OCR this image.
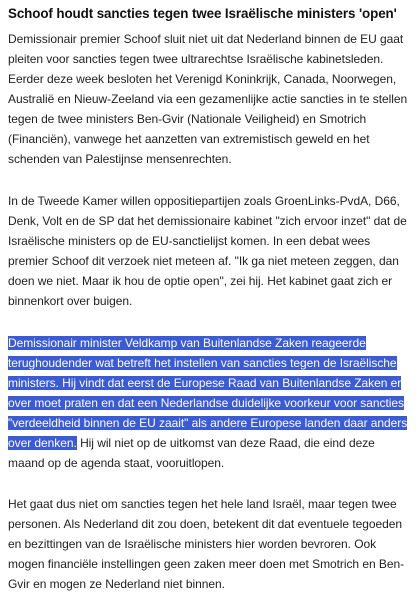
Schoof houdt sancties tegen twee Israëlische ministers 'open'

Demissionair premier Schoof sluit niet uit dat Nederland binnen de EU gaat pleiten voor sancties tegen twee ultrarechtse Israëlische kabinetsleden. Eerder deze week besloten het Verenigd Koninkrijk, Canada, Noorwegen, Australië en Nieuw-Zeeland via een gezamenlijke actie sancties in te stellen tegen de twee ministers Ben-Gvir (Nationale Veiligheid) en Smotrich (Financiën), vanwege het aanzetten van extremistisch geweld en het schenden van Palestijnse mensenrechten.

In de Tweede Kamer willen oppositiepartijen zoals GroenLinks-PvdA, D66, Denk, Volt en de SP dat het demissionaire kabinet "zich ervoor inzet" dat de Israëlische ministers op de EU-sanctielijst komen. In een debat wees premier Schoof dit verzoek niet meteen af. "Ik ga niet meteen zeggen, dan doen we niet. Maar ik hou de optie open", zei hij. Het kabinet gaat zich er binnenkort over buigen.

Demissionair minister Veldkamp van Buitenlandse Zaken reageerde terughoudender wat betreft het instellen van sancties tegen de Israëlische ministers. Hij vindt dat eerst de Europese Raad van Buitenlandse Zaken er over moet praten en dat een Nederlandse duidelijke voorkeur voor sancties "verdeeldheid binnen de EU zaait" als andere Europese landen daar anders over denken. Hij wil niet op de uitkomst van deze Raad, die eind deze maand op de agenda staat, vooruitlopen.

Het gaat dus niet om sancties tegen het hele land Israël, maar tegen twee personen. Als Nederland dit zou doen, betekent dit dat eventuele tegoeden en bezittingen van de Israëlische ministers hier worden bevroren. Ook mogen financiële instellingen geen zaken meer doen met Smotrich en Ben-Gvir en mogen ze Nederland niet binnen.
